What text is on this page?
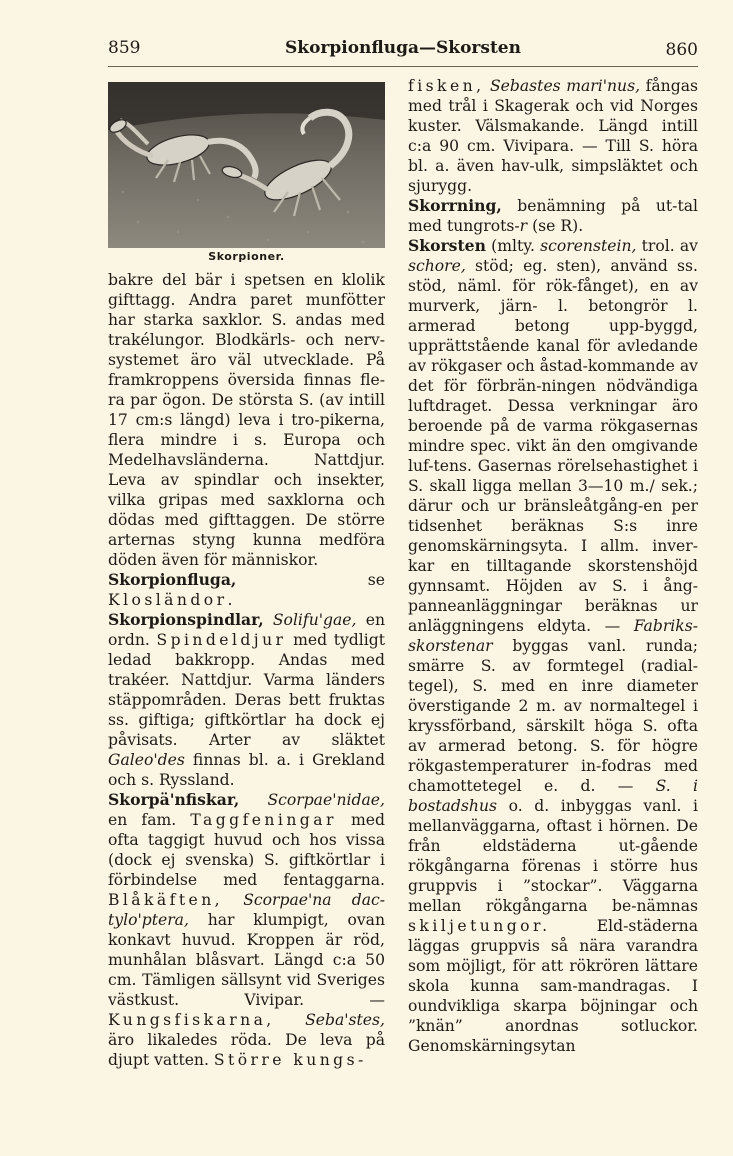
859	Skorpionfluga—Skorsten	860
Skorpioner.

bakre del bär i spetsen en klolik gifttagg. Andra paret munfötter har starka saxklor. S. andas med trakélungor. Blodkärls- och nerv-systemet äro väl utvecklade. På framkroppens översida finnas fle-ra par ögon. De största S. (av intill 17 cm:s längd) leva i tro-pikerna, flera mindre i s. Europa och Medelhavsländerna. Nattdjur. Leva av spindlar och insekter, vilka gripas med saxklorna och dödas med gifttaggen. De större arternas styng kunna medföra döden även för människor.

Skorpionfluga, se Klosländor.

Skorpionspindlar, Solifu'gae, en ordn. Spindeldjur med tydligt ledad bakkropp. Andas med trakéer. Nattdjur. Varma länders stäppområden. Deras bett fruktas ss. giftiga; giftkörtlar ha dock ej påvisats. Arter av släktet Galeo'des finnas bl. a. i Grekland och s. Ryssland.

Skorpä'nfiskar, Scorpae'nidae, en fam. Taggfeningar med ofta taggigt huvud och hos vissa (dock ej svenska) S. giftkörtlar i förbindelse med fentaggarna. Blåkäften, Scorpae'na dac-tylo'ptera, har klumpigt, ovan konkavt huvud. Kroppen är röd, munhålan blåsvart. Längd c:a 50 cm. Tämligen sällsynt vid Sveriges västkust. Vivipar. — Kungsfiskarna, Seba'stes, äro likaledes röda. De leva på djupt vatten. Större kungs-

fisken, Sebastes mari'nus, fångas med trål i Skagerak och vid Norges kuster. Välsmakande. Längd intill c:a 90 cm. Vivipara. — Till S. höra bl. a. även hav-ulk, simpsläktet och sjurygg.

Skorrning, benämning på ut-tal med tungrots-r (se R).

Skorsten (mlty. scorenstein, trol. av schore, stöd; eg. sten), använd ss. stöd, näml. för rök-fånget), en av murverk, järn- l. betongrör l. armerad betong upp-byggd, upprättstående kanal för avledande av rökgaser och åstad-kommande av det för förbrän-ningen nödvändiga luftdraget. Dessa verkningar äro beroende på de varma rökgasernas mindre spec. vikt än den omgivande luf-tens. Gasernas rörelsehastighet i S. skall ligga mellan 3—10 m./ sek.; därur och ur bränsleåtgång-en per tidsenhet beräknas S:s inre genomskärningsyta. I allm. inver-kar en tilltagande skorstenshöjd gynnsamt. Höjden av S. i ång-panneanläggningar beräknas ur anläggningens eldyta. — Fabriks-skorstenar byggas vanl. runda; smärre S. av formtegel (radial-tegel), S. med en inre diameter överstigande 2 m. av normaltegel i kryssförband, särskilt höga S. ofta av armerad betong. S. för högre rökgastemperaturer in-fodras med chamottetegel e. d. — S. i bostadshus o. d. inbyggas vanl. i mellanväggarna, oftast i hörnen. De från eldstäderna ut-gående rökgångarna förenas i större hus gruppvis i ”stockar”. Väggarna mellan rökgångarna be-nämnas skiljetungor. Eld-städerna läggas gruppvis så nära varandra som möjligt, för att rökrören lättare skola kunna sam-mandragas. I oundvikliga skarpa böjningar och ”knän” anordnas sotluckor. Genomskärningsytan
